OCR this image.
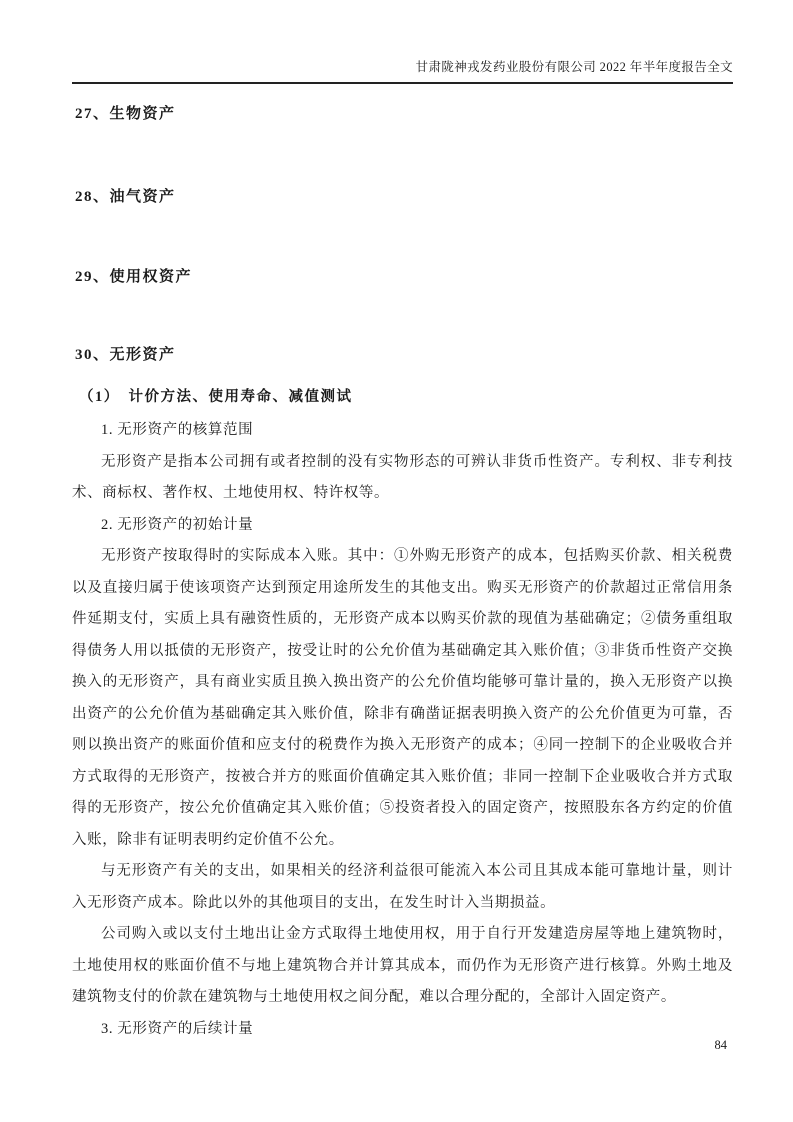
甘肃陇神戎发药业股份有限公司 2022 年半年度报告全文
27、生物资产
28、油气资产
29、使用权资产
30、无形资产
（1）　计价方法、使用寿命、减值测试

1. 无形资产的核算范围

无形资产是指本公司拥有或者控制的没有实物形态的可辨认非货币性资产。专利权、非专利技术、商标权、著作权、土地使用权、特许权等。

2. 无形资产的初始计量

无形资产按取得时的实际成本入账。其中：①外购无形资产的成本，包括购买价款、相关税费以及直接归属于使该项资产达到预定用途所发生的其他支出。购买无形资产的价款超过正常信用条件延期支付，实质上具有融资性质的，无形资产成本以购买价款的现值为基础确定；②债务重组取得债务人用以抵债的无形资产，按受让时的公允价值为基础确定其入账价值；③非货币性资产交换换入的无形资产，具有商业实质且换入换出资产的公允价值均能够可靠计量的，换入无形资产以换出资产的公允价值为基础确定其入账价值，除非有确凿证据表明换入资产的公允价值更为可靠，否则以换出资产的账面价值和应支付的税费作为换入无形资产的成本；④同一控制下的企业吸收合并方式取得的无形资产，按被合并方的账面价值确定其入账价值；非同一控制下企业吸收合并方式取得的无形资产，按公允价值确定其入账价值；⑤投资者投入的固定资产，按照股东各方约定的价值入账，除非有证明表明约定价值不公允。

与无形资产有关的支出，如果相关的经济利益很可能流入本公司且其成本能可靠地计量，则计入无形资产成本。除此以外的其他项目的支出，在发生时计入当期损益。

公司购入或以支付土地出让金方式取得土地使用权，用于自行开发建造房屋等地上建筑物时，土地使用权的账面价值不与地上建筑物合并计算其成本，而仍作为无形资产进行核算。外购土地及建筑物支付的价款在建筑物与土地使用权之间分配，难以合理分配的，全部计入固定资产。

3. 无形资产的后续计量

84
